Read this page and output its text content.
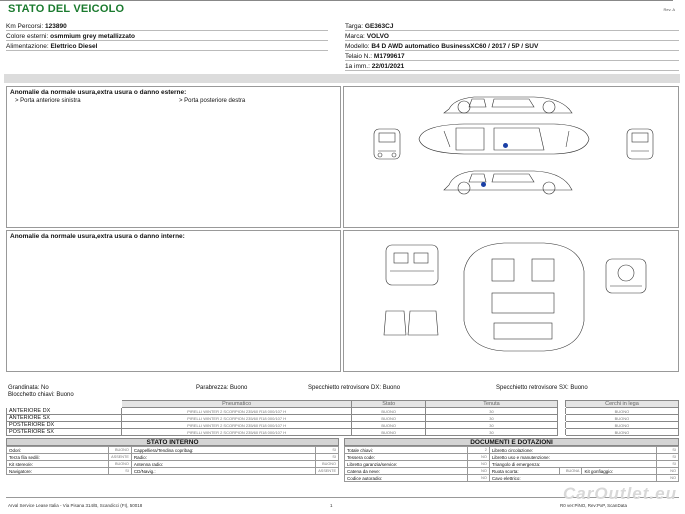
STATO DEL VEICOLO	Rev. A
Km Percorsi: 123890
Colore esterni: osmmium grey metallizzato
Alimentazione: Elettrico Diesel
Targa: GE363CJ
Marca: VOLVO
Modello: B4 D AWD automatico BusinessXC60 / 2017 / 5P / SUV
Telaio N.: M1799617
1a imm.: 22/01/2021
Anomalie da normale usura,extra usura o danno esterne:
> Porta anteriore sinistra	> Porta posteriore destra
Anomalie da normale usura,extra usura o danno interne:
Grandinata: No	Parabrezza: Buono	Specchietto retrovisore DX: Buono	Specchietto retrovisore SX: Buono
Blocchetto chiavi: Buono
	Pneumatico	Stato	Tenuta		Cerchi in lega
ANTERIORE DX	PIRELLI WINTER 2 SCORPION 235/60 R18 000/107 H	BUONO	30		BUONO
ANTERIORE SX	PIRELLI WINTER 2 SCORPION 235/60 R18 000/107 H	BUONO	30		BUONO
POSTERIORE DX	PIRELLI WINTER 2 SCORPION 235/60 R18 000/107 H	BUONO	30		BUONO
POSTERIORE SX	PIRELLI WINTER 2 SCORPION 235/60 R18 000/107 H	BUONO	30		BUONO
STATO INTERNO
Odori:	BUONO	Cappelliera/Tendina copribag:	SI
Terza fila sedili:	ASSENTE	Radio:	SI
Kit stereo/e:	BUONO	Antenna radio:	BUONO
Navigatore:	SI	CD/Navig.:	ASSENTE
DOCUMENTI E DOTAZIONI
Totale chiavi:	2	Libretto circolazione:			SI
Tessera code:	NO	Libretto uso e manutenzione:			SI
Libretto garanzia/service:	NO	Triangolo di emergenza:			SI
Catena da neve:	NO	Ruota scorta:	BUONA	Kit gonfiaggio:	NO
Codice autoradio:	NO	Cavo elettrico:			NO
Arval Service Lease Italia - Via Pisana 314/B, Scandicci (FI), 50018	1	R0 ver:PiNO, Rev:PxP, ScanData
CarOutlet.eu
